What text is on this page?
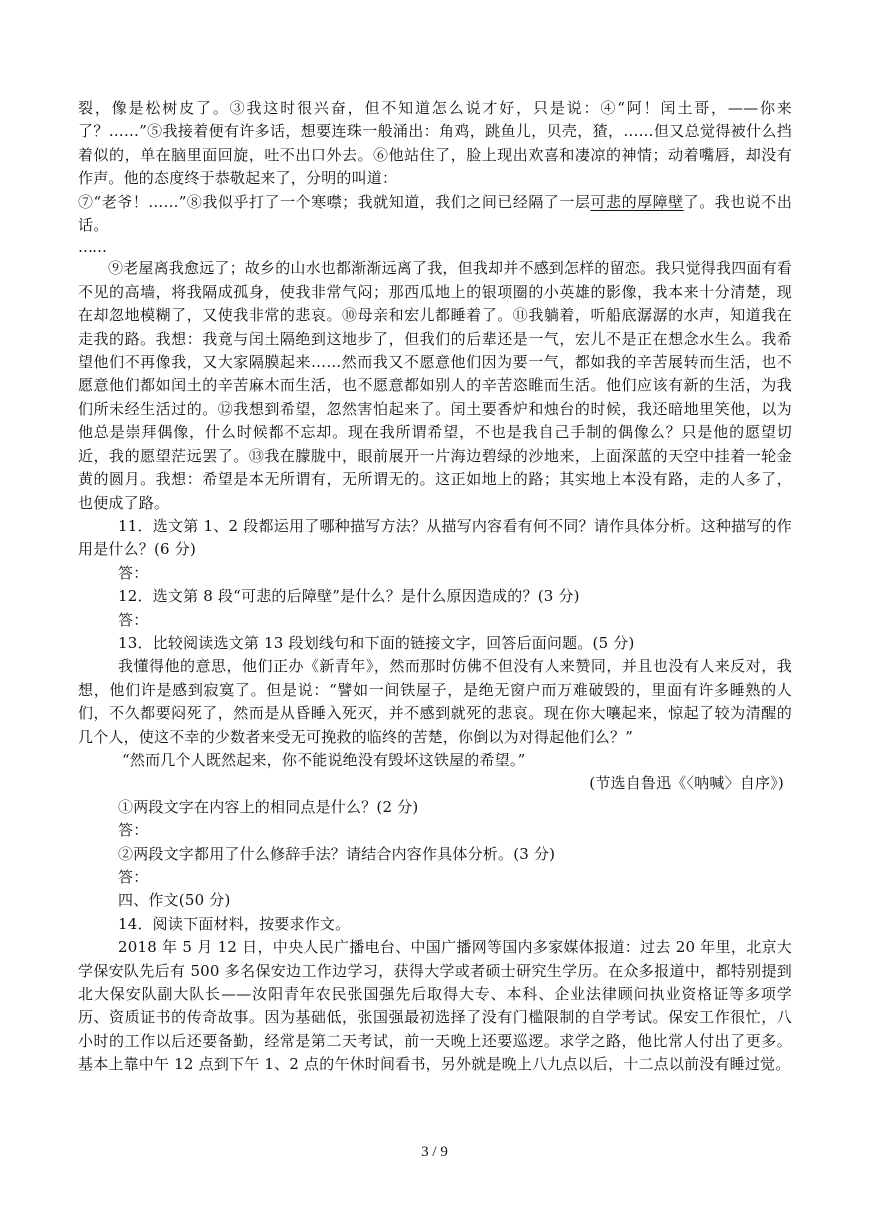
裂，像是松树皮了。③我这时很兴奋，但不知道怎么说才好，只是说：④“阿！闰土哥，——你来了？……”⑤我接着便有许多话，想要连珠一般涌出：角鸡，跳鱼儿，贝壳，猹，……但又总觉得被什么挡着似的，单在脑里面回旋，吐不出口外去。⑥他站住了，脸上现出欢喜和凄凉的神情；动着嘴唇，却没有作声。他的态度终于恭敬起来了，分明的叫道：

⑦“老爷！……”⑧我似乎打了一个寒噤；我就知道，我们之间已经隔了一层可悲的厚障壁了。我也说不出话。

……

⑨老屋离我愈远了；故乡的山水也都渐渐远离了我，但我却并不感到怎样的留恋。我只觉得我四面有看不见的高墙，将我隔成孤身，使我非常气闷；那西瓜地上的银项圈的小英雄的影像，我本来十分清楚，现在却忽地模糊了，又使我非常的悲哀。⑩母亲和宏儿都睡着了。⑪我躺着，听船底潺潺的水声，知道我在走我的路。我想：我竟与闰土隔绝到这地步了，但我们的后辈还是一气，宏儿不是正在想念水生么。我希望他们不再像我，又大家隔膜起来……然而我又不愿意他们因为要一气，都如我的辛苦展转而生活，也不愿意他们都如闰土的辛苦麻木而生活，也不愿意都如别人的辛苦恣睢而生活。他们应该有新的生活，为我们所未经生活过的。⑫我想到希望，忽然害怕起来了。闰土要香炉和烛台的时候，我还暗地里笑他，以为他总是崇拜偶像，什么时候都不忘却。现在我所谓希望，不也是我自己手制的偶像么？只是他的愿望切近，我的愿望茫远罢了。⑬我在朦胧中，眼前展开一片海边碧绿的沙地来，上面深蓝的天空中挂着一轮金黄的圆月。我想：希望是本无所谓有，无所谓无的。这正如地上的路；其实地上本没有路，走的人多了，也便成了路。

11．选文第 1、2 段都运用了哪种描写方法？从描写内容看有何不同？请作具体分析。这种描写的作用是什么？(6 分)

答：

12．选文第 8 段“可悲的后障壁”是什么？是什么原因造成的？(3 分)

答：

13．比较阅读选文第 13 段划线句和下面的链接文字，回答后面问题。(5 分)

我懂得他的意思，他们正办《新青年》，然而那时仿佛不但没有人来赞同，并且也没有人来反对，我想，他们许是感到寂寞了。但是说：“譬如一间铁屋子，是绝无窗户而万难破毁的，里面有许多睡熟的人们，不久都要闷死了，然而是从昏睡入死灭，并不感到就死的悲哀。现在你大嚷起来，惊起了较为清醒的几个人，使这不幸的少数者来受无可挽救的临终的苦楚，你倒以为对得起他们么？”

“然而几个人既然起来，你不能说绝没有毁坏这铁屋的希望。”

(节选自鲁迅《〈呐喊〉自序》)

①两段文字在内容上的相同点是什么？(2 分)

答：

②两段文字都用了什么修辞手法？请结合内容作具体分析。(3 分)

答：

四、作文(50 分)

14．阅读下面材料，按要求作文。

2018 年 5 月 12 日，中央人民广播电台、中国广播网等国内多家媒体报道：过去 20 年里，北京大学保安队先后有 500 多名保安边工作边学习，获得大学或者硕士研究生学历。在众多报道中，都特别提到北大保安队副大队长——汝阳青年农民张国强先后取得大专、本科、企业法律顾问执业资格证等多项学历、资质证书的传奇故事。因为基础低，张国强最初选择了没有门槛限制的自学考试。保安工作很忙，八小时的工作以后还要备勤，经常是第二天考试，前一天晚上还要巡逻。求学之路，他比常人付出了更多。基本上靠中午 12 点到下午 1、2 点的午休时间看书，另外就是晚上八九点以后，十二点以前没有睡过觉。

3 / 9
